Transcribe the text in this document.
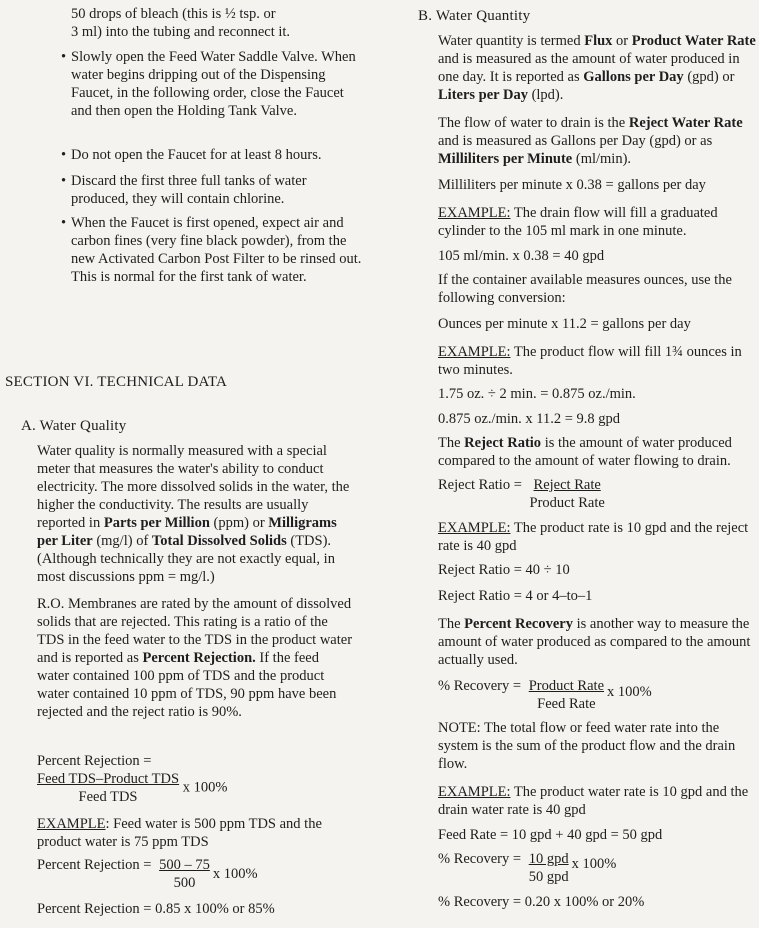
50 drops of bleach (this is ½ tsp. or

3 ml) into the tubing and reconnect it.

• Slowly open the Feed Water Saddle Valve. When water begins dripping out of the Dispensing Faucet, in the following order, close the Faucet and then open the Holding Tank Valve.

• Do not open the Faucet for at least 8 hours.

• Discard the first three full tanks of water produced, they will contain chlorine.

• When the Faucet is first opened, expect air and carbon fines (very fine black powder), from the new Activated Carbon Post Filter to be rinsed out. This is normal for the first tank of water.

SECTION VI. TECHNICAL DATA

A. Water Quality

Water quality is normally measured with a special meter that measures the water's ability to conduct electricity. The more dissolved solids in the water, the higher the conductivity. The results are usually reported in Parts per Million (ppm) or Milligrams per Liter (mg/l) of Total Dissolved Solids (TDS). (Although technically they are not exactly equal, in most discussions ppm = mg/l.)

R.O. Membranes are rated by the amount of dissolved solids that are rejected. This rating is a ratio of the TDS in the feed water to the TDS in the product water and is reported as Percent Rejection. If the feed water contained 100 ppm of TDS and the product water contained 10 ppm of TDS, 90 ppm have been rejected and the reject ratio is 90%.

Percent Rejection =

$\frac{\text{Feed TDS–Product TDS}}{\text{Feed TDS}}$ x 100%

EXAMPLE: Feed water is 500 ppm TDS and the product water is 75 ppm TDS

Percent Rejection = $\frac{500 - 75}{500}$ x 100%

Percent Rejection = 0.85 x 100% or 85%

B. Water Quantity

Water quantity is termed Flux or Product Water Rate and is measured as the amount of water produced in one day. It is reported as Gallons per Day (gpd) or Liters per Day (lpd).

The flow of water to drain is the Reject Water Rate and is measured as Gallons per Day (gpd) or as Milliliters per Minute (ml/min).

Milliliters per minute x 0.38 = gallons per day

EXAMPLE: The drain flow will fill a graduated cylinder to the 105 ml mark in one minute.

105 ml/min. x 0.38 = 40 gpd

If the container available measures ounces, use the following conversion:

Ounces per minute x 11.2 = gallons per day

EXAMPLE: The product flow will fill 1¾ ounces in two minutes.

1.75 oz. ÷ 2 min. = 0.875 oz./min.

0.875 oz./min. x 11.2 = 9.8 gpd

The Reject Ratio is the amount of water produced compared to the amount of water flowing to drain.

Reject Ratio = $\frac{\text{Reject Rate}}{\text{Product Rate}}$

EXAMPLE: The product rate is 10 gpd and the reject rate is 40 gpd

Reject Ratio = 40 ÷ 10

Reject Ratio = 4 or 4–to–1

The Percent Recovery is another way to measure the amount of water produced as compared to the amount actually used.

% Recovery = $\frac{\text{Product Rate}}{\text{Feed Rate}}$ x 100%

NOTE: The total flow or feed water rate into the system is the sum of the product flow and the drain flow.

EXAMPLE: The product water rate is 10 gpd and the drain water rate is 40 gpd

Feed Rate = 10 gpd + 40 gpd = 50 gpd

% Recovery = $\frac{\text{10 gpd}}{\text{50 gpd}}$ x 100%

% Recovery = 0.20 x 100% or 20%
